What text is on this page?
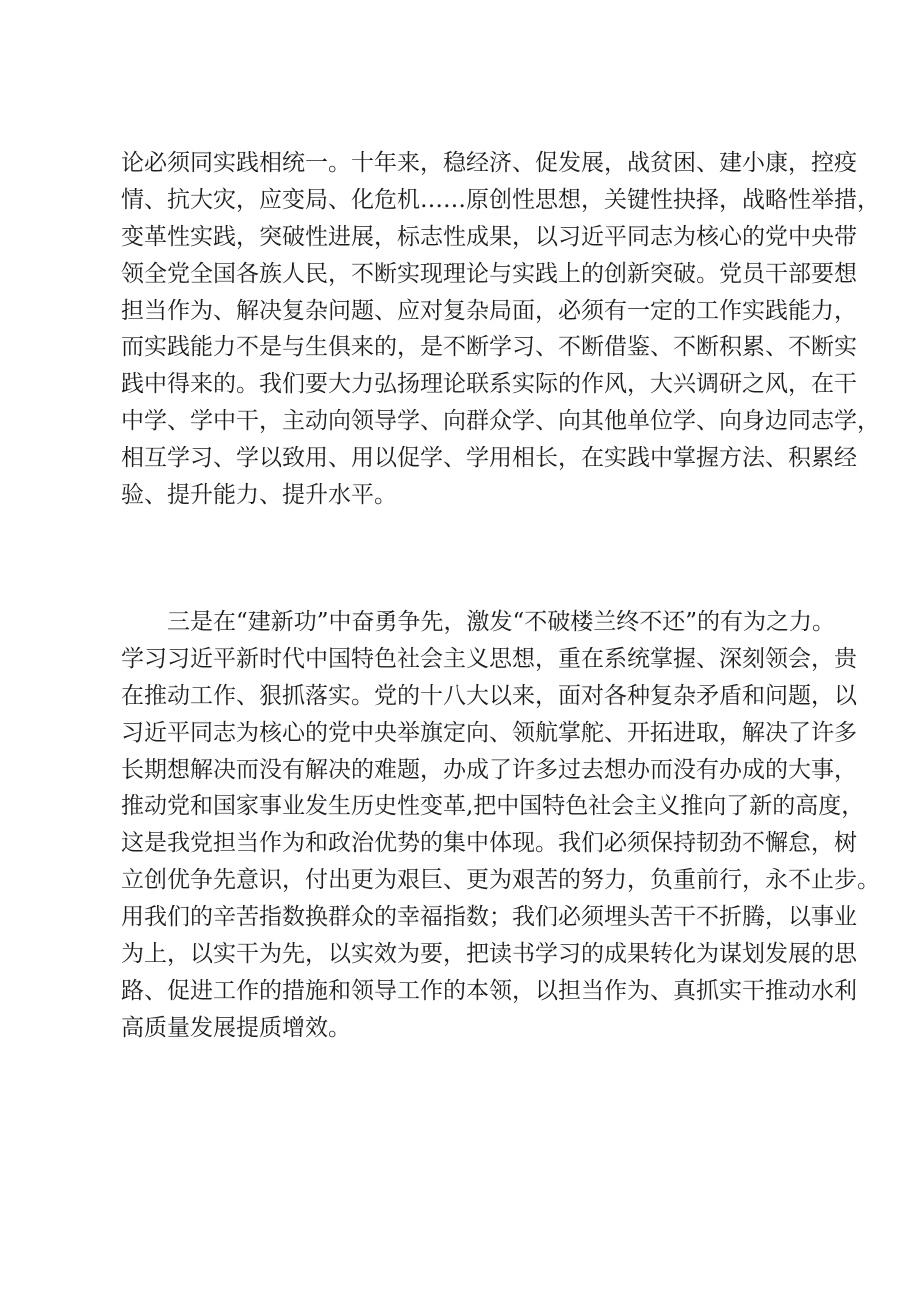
论必须同实践相统一。十年来，稳经济、促发展，战贫困、建小康，控疫
情、抗大灾，应变局、化危机……原创性思想，关键性抉择，战略性举措，
变革性实践，突破性进展，标志性成果，以习近平同志为核心的党中央带
领全党全国各族人民，不断实现理论与实践上的创新突破。党员干部要想
担当作为、解决复杂问题、应对复杂局面，必须有一定的工作实践能力，
而实践能力不是与生俱来的，是不断学习、不断借鉴、不断积累、不断实
践中得来的。我们要大力弘扬理论联系实际的作风，大兴调研之风，在干
中学、学中干，主动向领导学、向群众学、向其他单位学、向身边同志学，
相互学习、学以致用、用以促学、学用相长，在实践中掌握方法、积累经
验、提升能力、提升水平。
三是在“建新功”中奋勇争先，激发“不破楼兰终不还”的有为之力。
学习习近平新时代中国特色社会主义思想，重在系统掌握、深刻领会，贵
在推动工作、狠抓落实。党的十八大以来，面对各种复杂矛盾和问题，以
习近平同志为核心的党中央举旗定向、领航掌舵、开拓进取，解决了许多
长期想解决而没有解决的难题，办成了许多过去想办而没有办成的大事，
推动党和国家事业发生历史性变革,把中国特色社会主义推向了新的高度，
这是我党担当作为和政治优势的集中体现。我们必须保持韧劲不懈怠，树
立创优争先意识，付出更为艰巨、更为艰苦的努力，负重前行，永不止步。
用我们的辛苦指数换群众的幸福指数；我们必须埋头苦干不折腾，以事业
为上，以实干为先，以实效为要，把读书学习的成果转化为谋划发展的思
路、促进工作的措施和领导工作的本领，以担当作为、真抓实干推动水利
高质量发展提质增效。
